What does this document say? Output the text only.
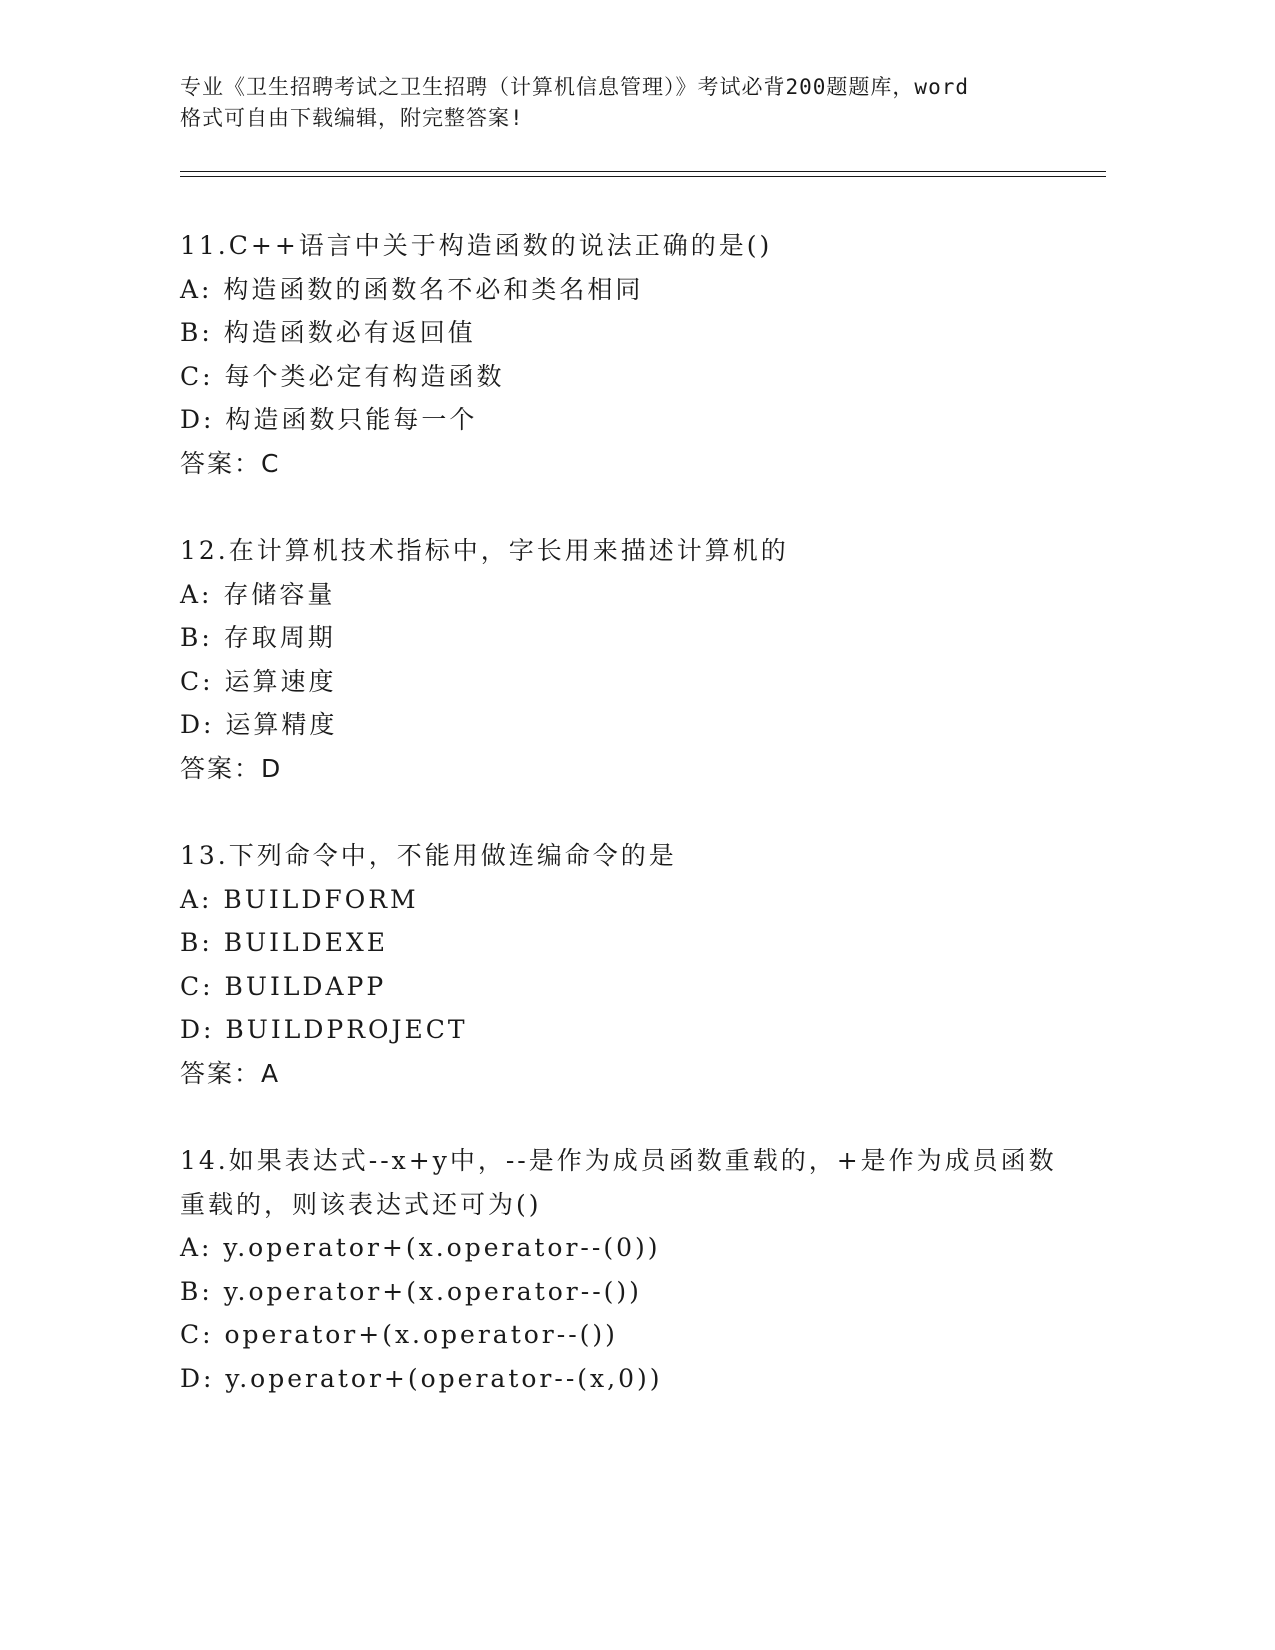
专业《卫生招聘考试之卫生招聘（计算机信息管理）》考试必背200题题库，word
格式可自由下载编辑，附完整答案!
11.C++语言中关于构造函数的说法正确的是()
A: 构造函数的函数名不必和类名相同
B: 构造函数必有返回值
C: 每个类必定有构造函数
D: 构造函数只能每一个
答案：C
12.在计算机技术指标中，字长用来描述计算机的
A: 存储容量
B: 存取周期
C: 运算速度
D: 运算精度
答案：D
13.下列命令中，不能用做连编命令的是
A: BUILDFORM
B: BUILDEXE
C: BUILDAPP
D: BUILDPROJECT
答案：A
14.如果表达式--x+y中，--是作为成员函数重载的，+是作为成员函数重载的，则该表达式还可为()
A: y.operator+(x.operator--(0))
B: y.operator+(x.operator--())
C: operator+(x.operator--())
D: y.operator+(operator--(x,0))
